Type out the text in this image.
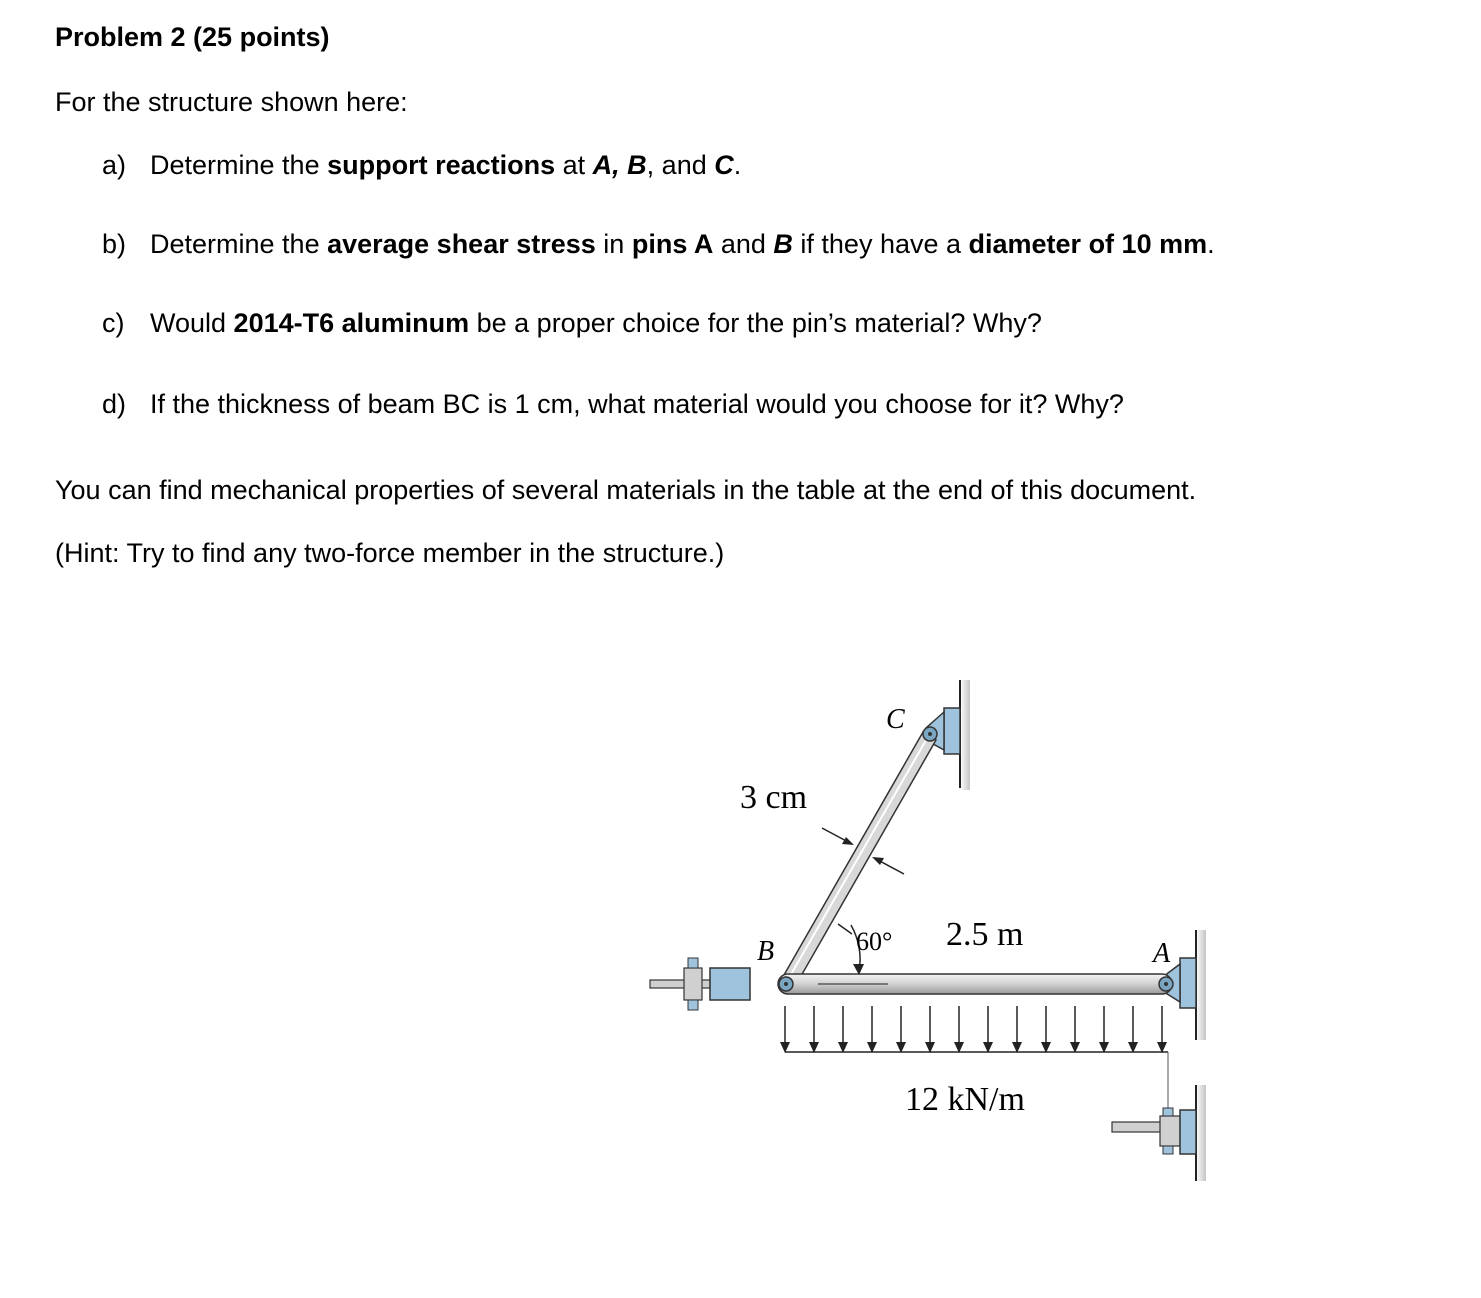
Problem 2 (25 points)
For the structure shown here:
a) Determine the support reactions at A, B, and C.
b) Determine the average shear stress in pins A and B if they have a diameter of 10 mm.
c) Would 2014-T6 aluminum be a proper choice for the pin’s material? Why?
d) If the thickness of beam BC is 1 cm, what material would you choose for it? Why?
You can find mechanical properties of several materials in the table at the end of this document.
(Hint: Try to find any two-force member in the structure.)
C
3 cm
60° 2.5 m
B	A
12 kN/m
